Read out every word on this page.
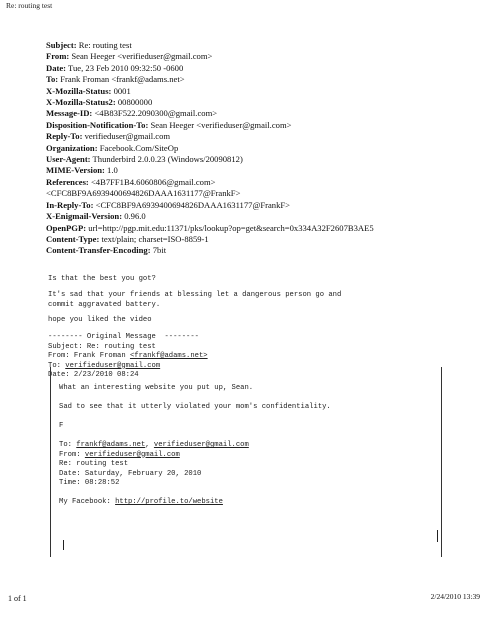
Re: routing test
Subject: Re: routing test
From: Sean Heeger <verifieduser@gmail.com>
Date: Tue, 23 Feb 2010 09:32:50 -0600
To: Frank Froman <frankf@adams.net>
X-Mozilla-Status: 0001
X-Mozilla-Status2: 00800000
Message-ID: <4B83F522.2090300@gmail.com>
Disposition-Notification-To: Sean Heeger <verifieduser@gmail.com>
Reply-To: verifieduser@gmail.com
Organization: Facebook.Com/SiteOp
User-Agent: Thunderbird 2.0.0.23 (Windows/20090812)
MIME-Version: 1.0
References: <4B7FF1B4.6060806@gmail.com>
<CFC8BF9A6939400694826DAAA1631177@FrankF>
In-Reply-To: <CFC8BF9A6939400694826DAAA1631177@FrankF>
X-Enigmail-Version: 0.96.0
OpenPGP: url=http://pgp.mit.edu:11371/pks/lookup?op=get&search=0x334A32F2607B3AE5
Content-Type: text/plain; charset=ISO-8859-1
Content-Transfer-Encoding: 7bit
Is that the best you got?
It's sad that your friends at blessing let a dangerous person go and
commit aggravated battery.
hope you liked the video
-------- Original Message  --------
Subject: Re: routing test
From: Frank Froman <frankf@adams.net>
To: verifieduser@gmail.com
Date: 2/23/2010 08:24
What an interesting website you put up, Sean.
Sad to see that it utterly violated your mom's confidentiality.
F
To: frankf@adams.net, verifieduser@gmail.com
From: verifieduser@gmail.com
Re: routing test
Date: Saturday, February 20, 2010
Time: 08:28:52
My Facebook: http://profile.to/website
1 of 1	2/24/2010 13:39
